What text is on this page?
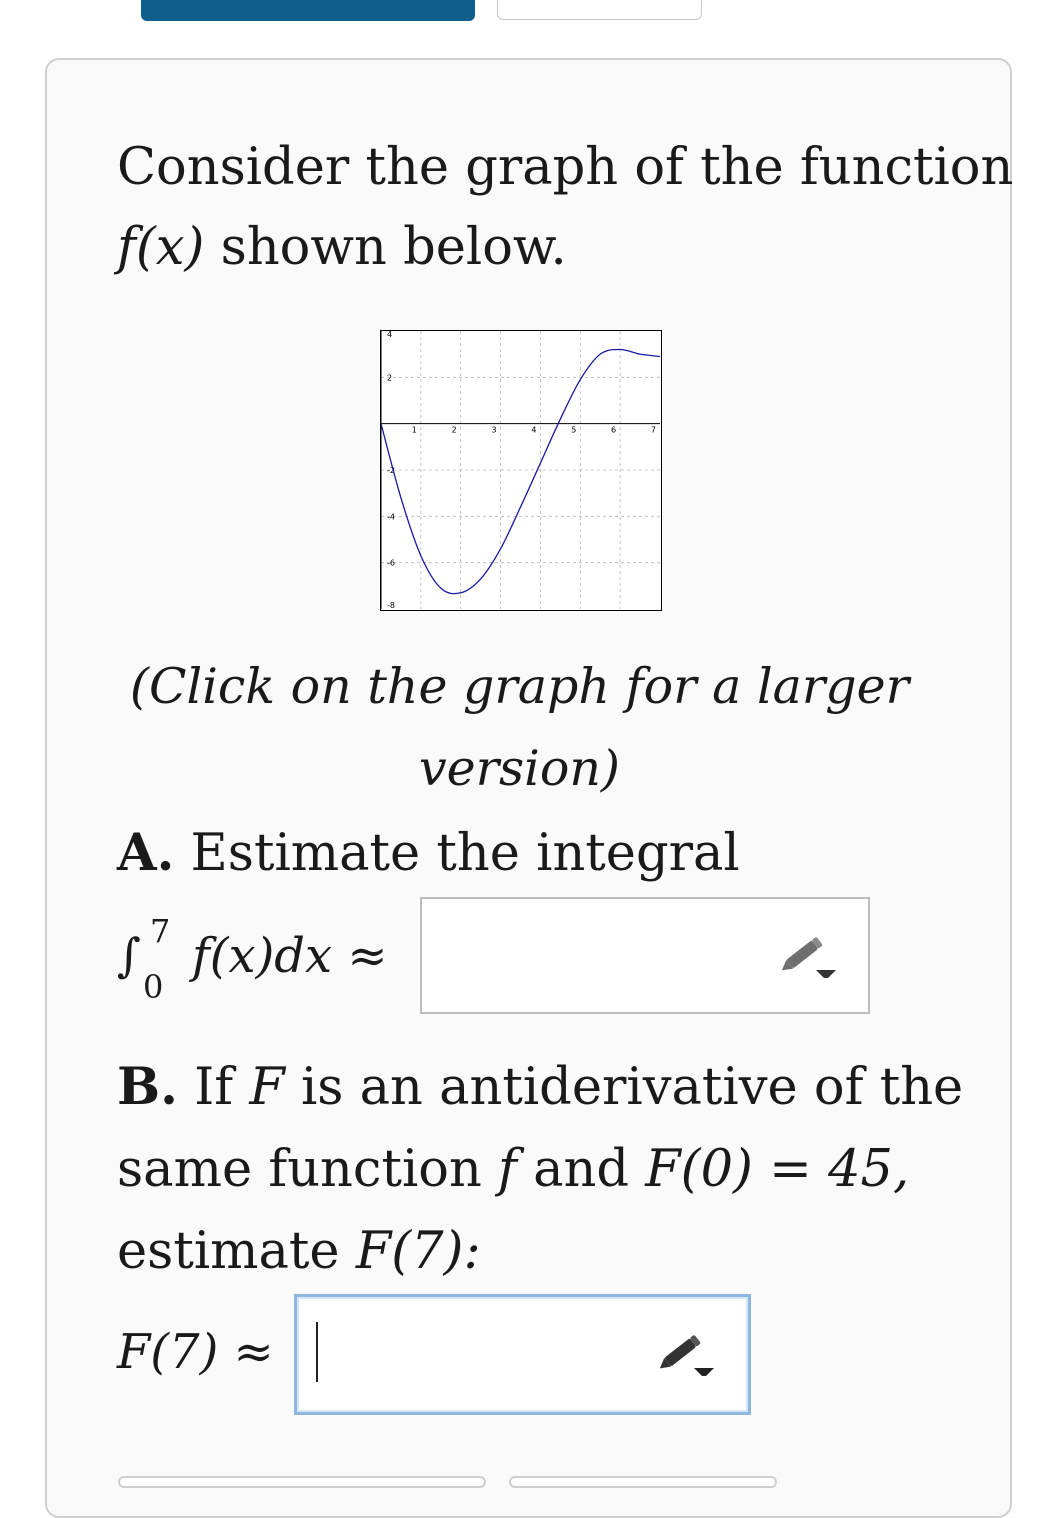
Consider the graph of the function
f(x) shown below.
1	2	3	4	5	6	7
4
2
-2
-4
-6
-8
(Click on the graph for a larger
version)
A. Estimate the integral
∫ 7
0
f(x)dx ≈
B. If F is an antiderivative of the
same function f and F(0) = 45,
estimate F(7):
F(7) ≈
